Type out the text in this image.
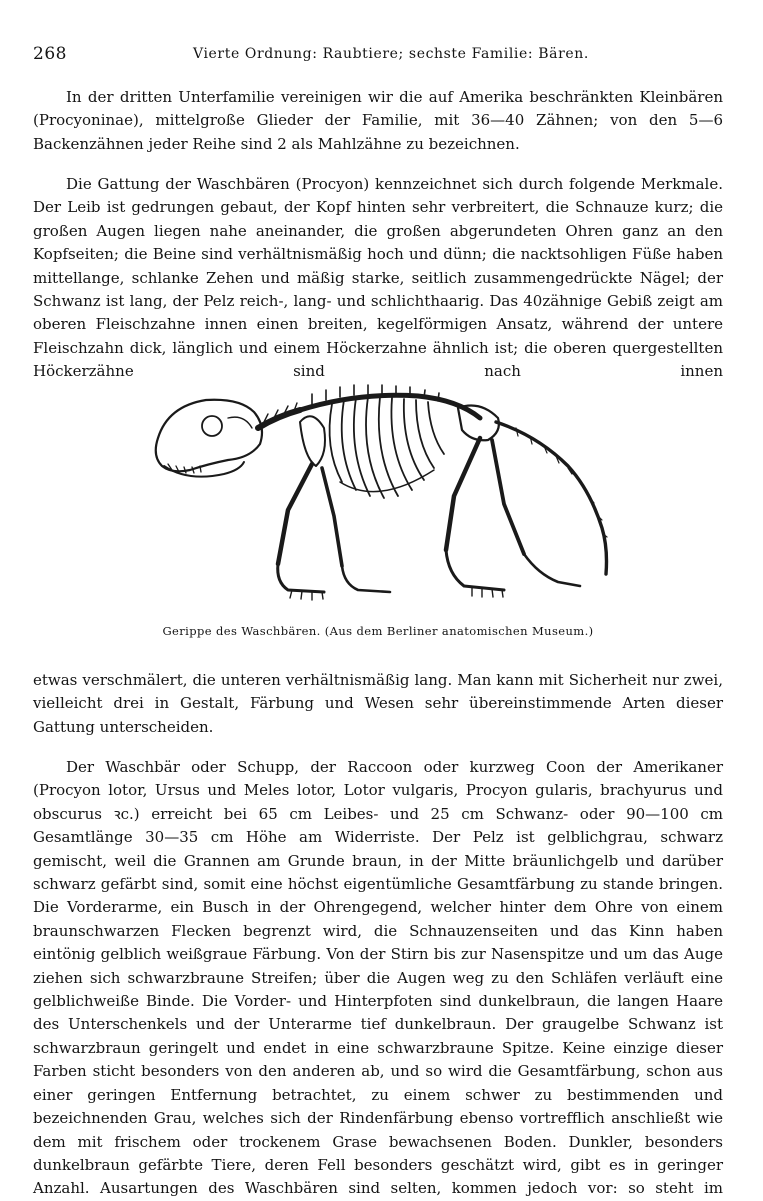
268	Vierte Ordnung: Raubtiere; sechste Familie: Bären.

In der dritten Unterfamilie vereinigen wir die auf Amerika beschränkten Kleinbären (Procyoninae), mittelgroße Glieder der Familie, mit 36—40 Zähnen; von den 5—6 Backenzähnen jeder Reihe sind 2 als Mahlzähne zu bezeichnen.

Die Gattung der Waschbären (Procyon) kennzeichnet sich durch folgende Merkmale. Der Leib ist gedrungen gebaut, der Kopf hinten sehr verbreitert, die Schnauze kurz; die großen Augen liegen nahe aneinander, die großen abgerundeten Ohren ganz an den Kopfseiten; die Beine sind verhältnismäßig hoch und dünn; die nacktsohligen Füße haben mittellange, schlanke Zehen und mäßig starke, seitlich zusammengedrückte Nägel; der Schwanz ist lang, der Pelz reich-, lang- und schlichthaarig. Das 40zähnige Gebiß zeigt am oberen Fleischzahne innen einen breiten, kegelförmigen Ansatz, während der untere Fleischzahn dick, länglich und einem Höckerzahne ähnlich ist; die oberen quergestellten Höckerzähne sind nach innen

Gerippe des Waschbären. (Aus dem Berliner anatomischen Museum.)

etwas verschmälert, die unteren verhältnismäßig lang. Man kann mit Sicherheit nur zwei, vielleicht drei in Gestalt, Färbung und Wesen sehr übereinstimmende Arten dieser Gattung unterscheiden.

Der Waschbär oder Schupp, der Raccoon oder kurzweg Coon der Amerikaner (Procyon lotor, Ursus und Meles lotor, Lotor vulgaris, Procyon gularis, brachyurus und obscurus ꝛc.) erreicht bei 65 cm Leibes- und 25 cm Schwanz- oder 90—100 cm Gesamtlänge 30—35 cm Höhe am Widerriste. Der Pelz ist gelblichgrau, schwarz gemischt, weil die Grannen am Grunde braun, in der Mitte bräunlichgelb und darüber schwarz gefärbt sind, somit eine höchst eigentümliche Gesamtfärbung zu stande bringen. Die Vorderarme, ein Busch in der Ohrengegend, welcher hinter dem Ohre von einem braunschwarzen Flecken begrenzt wird, die Schnauzenseiten und das Kinn haben eintönig gelblich weißgraue Färbung. Von der Stirn bis zur Nasenspitze und um das Auge ziehen sich schwarzbraune Streifen; über die Augen weg zu den Schläfen verläuft eine gelblichweiße Binde. Die Vorder- und Hinterpfoten sind dunkelbraun, die langen Haare des Unterschenkels und der Unterarme tief dunkelbraun. Der graugelbe Schwanz ist schwarzbraun geringelt und endet in eine schwarzbraune Spitze. Keine einzige dieser Farben sticht besonders von den anderen ab, und so wird die Gesamtfärbung, schon aus einer geringen Entfernung betrachtet, zu einem schwer zu bestimmenden und bezeichnenden Grau, welches sich der Rindenfärbung ebenso vortrefflich anschließt wie dem mit frischem oder trockenem Grase bewachsenen Boden. Dunkler, besonders dunkelbraun gefärbte Tiere, deren Fell besonders geschätzt wird, gibt es in geringer Anzahl. Ausartungen des Waschbären sind selten, kommen jedoch vor: so steht im
